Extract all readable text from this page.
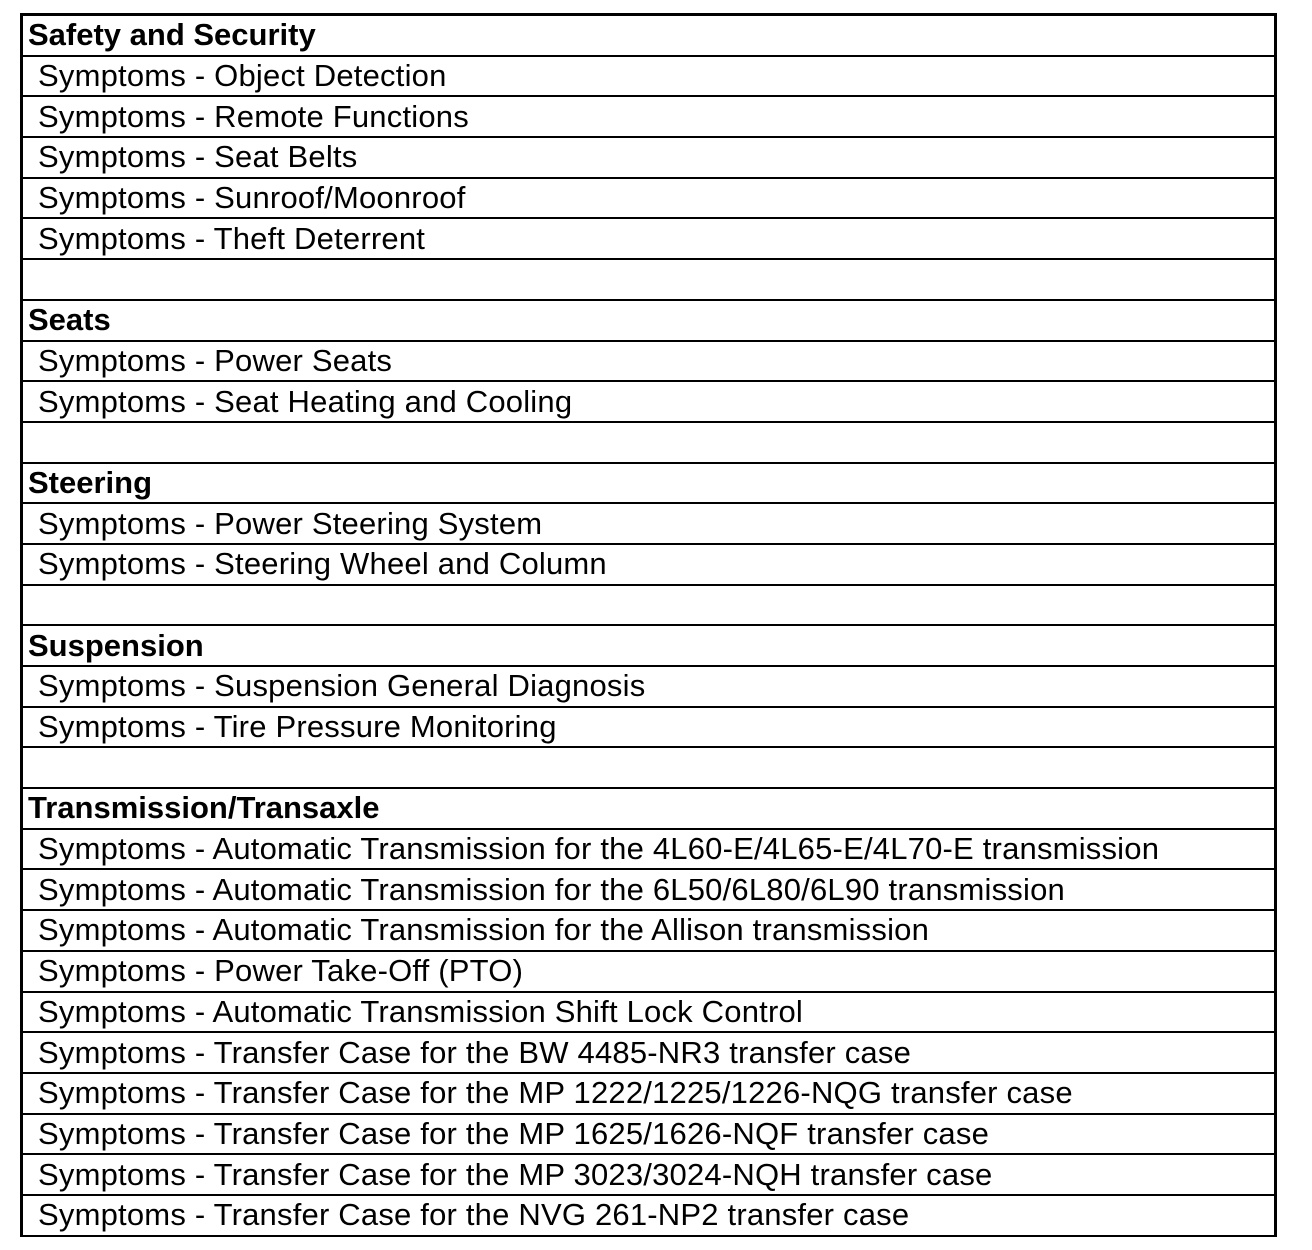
Safety and Security
Symptoms - Object Detection
Symptoms - Remote Functions
Symptoms - Seat Belts
Symptoms - Sunroof/Moonroof
Symptoms - Theft Deterrent
Seats
Symptoms - Power Seats
Symptoms - Seat Heating and Cooling
Steering
Symptoms - Power Steering System
Symptoms - Steering Wheel and Column
Suspension
Symptoms - Suspension General Diagnosis
Symptoms - Tire Pressure Monitoring
Transmission/Transaxle
Symptoms - Automatic Transmission for the 4L60-E/4L65-E/4L70-E transmission
Symptoms - Automatic Transmission for the 6L50/6L80/6L90 transmission
Symptoms - Automatic Transmission for the Allison transmission
Symptoms - Power Take-Off (PTO)
Symptoms - Automatic Transmission Shift Lock Control
Symptoms - Transfer Case for the BW 4485-NR3 transfer case
Symptoms - Transfer Case for the MP 1222/1225/1226-NQG transfer case
Symptoms - Transfer Case for the MP 1625/1626-NQF transfer case
Symptoms - Transfer Case for the MP 3023/3024-NQH transfer case
Symptoms - Transfer Case for the NVG 261-NP2 transfer case
